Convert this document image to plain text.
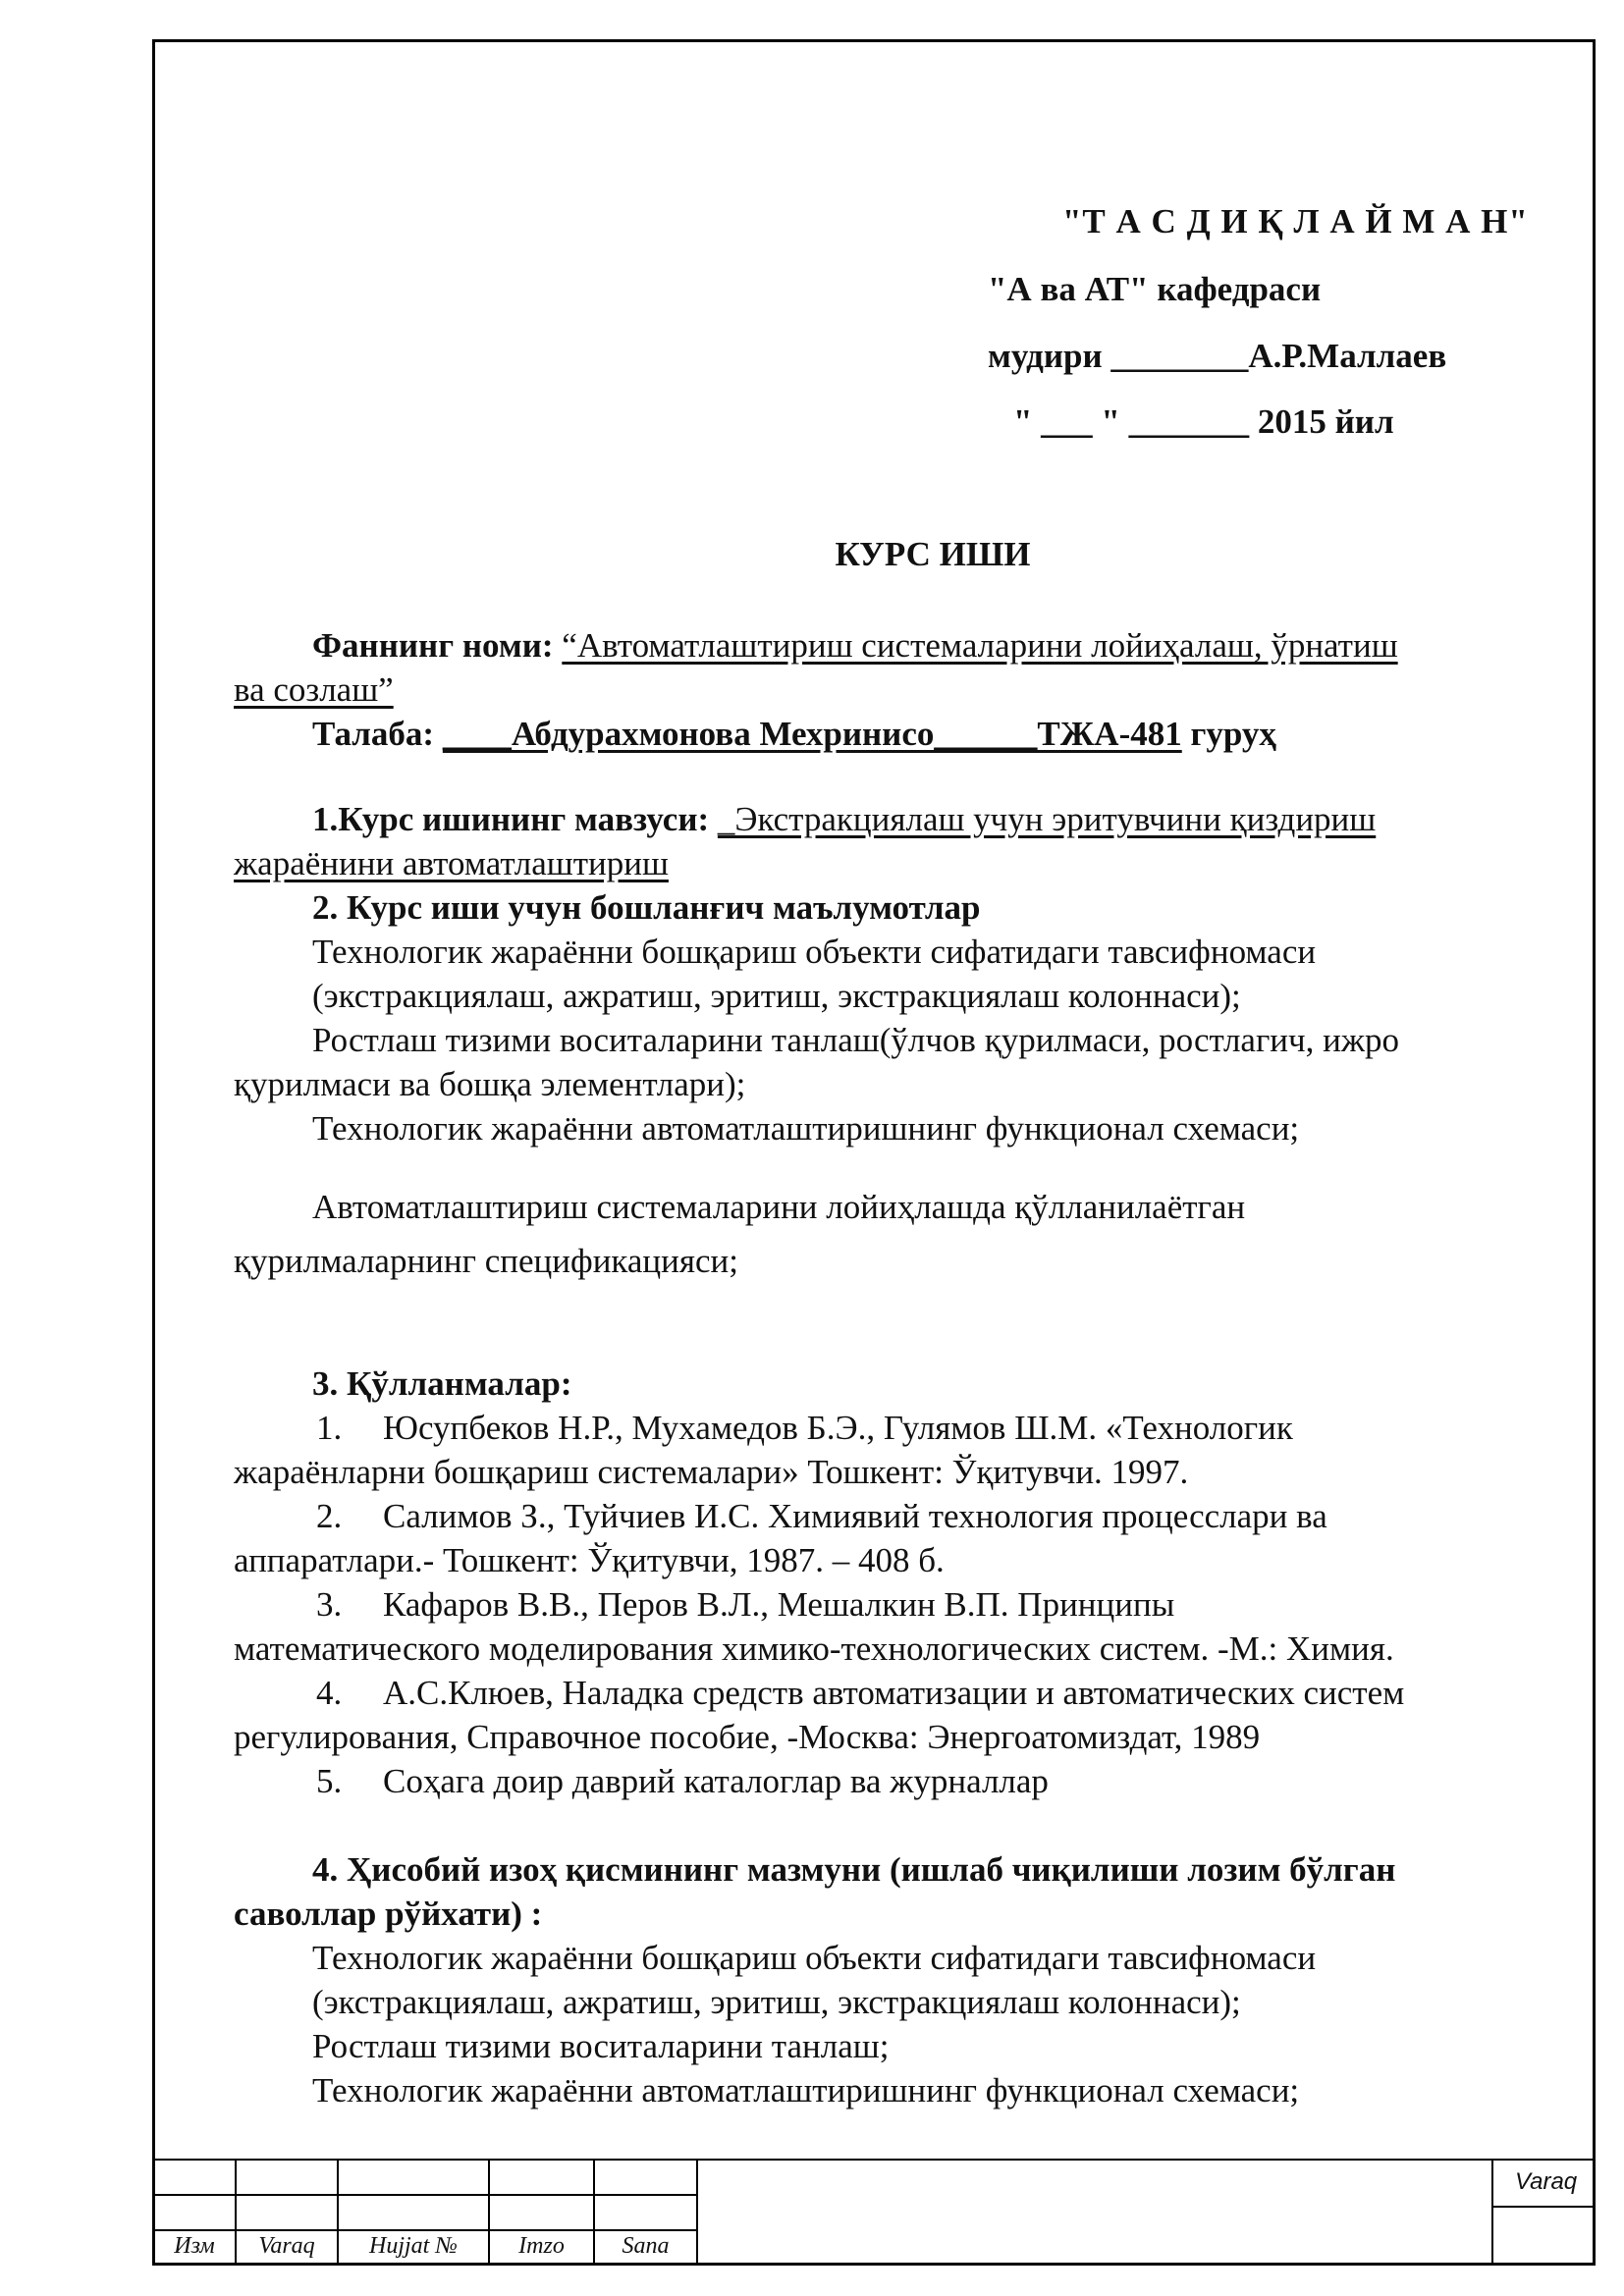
"Т А С Д И Қ Л А Й М А Н"
"А ва АТ" кафедраси
мудири ________А.Р.Маллаев
" ___ " _______ 2015 йил
КУРС ИШИ
Фаннинг номи: “Автоматлаштириш системаларини лойиҳалаш, ўрнатиш
ва созлаш”
Талаба: ____Абдурахмонова Мехринисо______ТЖА-481 гуруҳ
1.Курс ишининг мавзуси: _Экстракциялаш учун эритувчини қиздириш
жараёнини автоматлаштириш
2. Курс иши учун бошланғич маълумотлар
Технологик жараённи бошқариш объекти сифатидаги тавсифномаси
(экстракциялаш, ажратиш, эритиш, экстракциялаш колоннаси);
Ростлаш тизими воситаларини танлаш(ўлчов қурилмаси, ростлагич, ижро
қурилмаси ва бошқа элементлари);
Технологик жараённи автоматлаштиришнинг функционал схемаси;
Автоматлаштириш системаларини лойиҳлашда қўлланилаётган
қурилмаларнинг спецификацияси;
3. Қўлланмалар:
1. Юсупбеков Н.Р., Мухамедов Б.Э., Гулямов Ш.М. «Технологик
жараёнларни бошқариш системалари» Тошкент: Ўқитувчи. 1997.
2. Салимов З., Туйчиев И.С. Химиявий технология процесслари ва
аппаратлари.- Тошкент: Ўқитувчи, 1987. – 408 б.
3. Кафаров В.В., Перов В.Л., Мешалкин В.П. Принципы
математического моделирования химико-технологических систем. -М.: Химия.
4. А.С.Клюев, Наладка средств автоматизации и автоматических систем
регулирования, Справочное пособие, -Москва: Энергоатомиздат, 1989
5. Соҳага доир даврий каталоглар ва журналлар
4. Ҳисобий изоҳ қисмининг мазмуни (ишлаб чиқилиши лозим бўлган
саволлар рўйхати) :
Технологик жараённи бошқариш объекти сифатидаги тавсифномаси
(экстракциялаш, ажратиш, эритиш, экстракциялаш колоннаси);
Ростлаш тизими воситаларини танлаш;
Технологик жараённи автоматлаштиришнинг функционал схемаси;
Изм	Varaq	Hujjat №	Imzo	Sana
Varaq
